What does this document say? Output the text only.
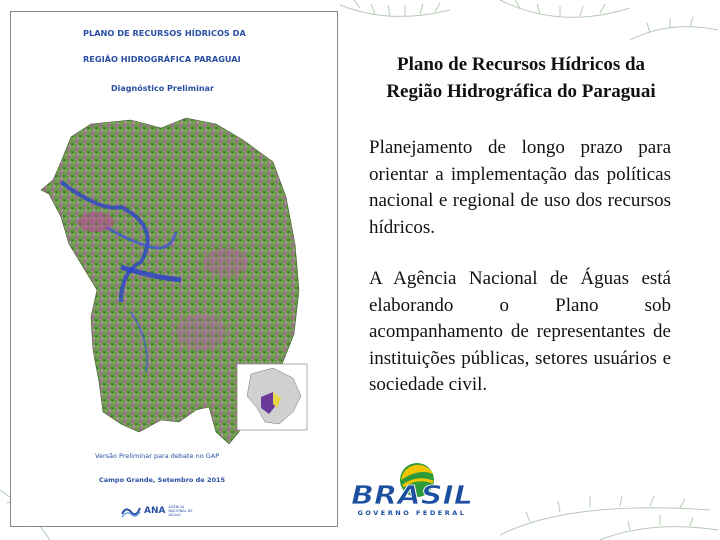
PLANO DE RECURSOS HÍDRICOS DA
REGIÃO HIDROGRÁFICA PARAGUAI
Diagnóstico Preliminar
Versão Preliminar para debate no GAP
Campo Grande, Setembro de 2015
ANA AGÊNCIA NACIONAL DE ÁGUAS
Plano de Recursos Hídricos da
Região Hidrográfica do Paraguai
Planejamento de longo prazo para orientar a implementação das políticas nacional e regional de uso dos recursos hídricos.
A Agência Nacional de Águas está elaborando o Plano sob acompanhamento de representantes de instituições públicas, setores usuários e sociedade civil.
BRASIL
GOVERNO FEDERAL
